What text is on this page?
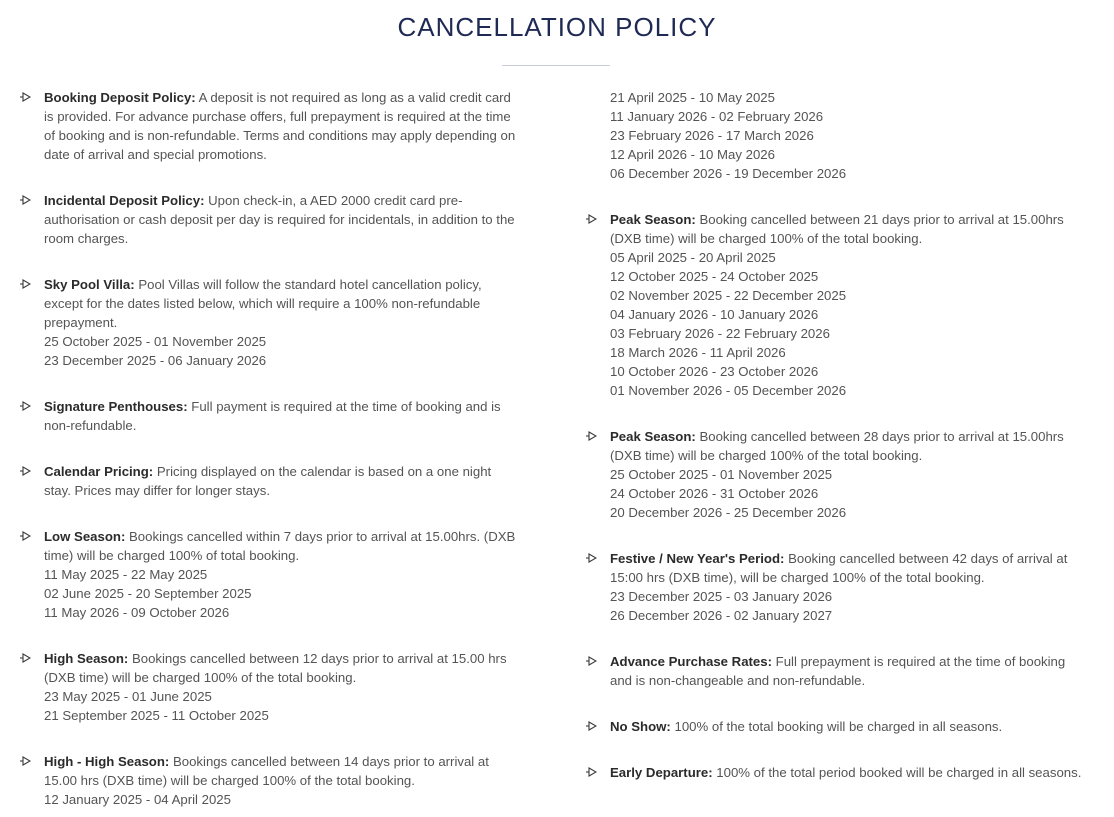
CANCELLATION POLICY
Booking Deposit Policy: A deposit is not required as long as a valid credit card is provided. For advance purchase offers, full prepayment is required at the time of booking and is non-refundable. Terms and conditions may apply depending on date of arrival and special promotions.
Incidental Deposit Policy: Upon check-in, a AED 2000 credit card pre-authorisation or cash deposit per day is required for incidentals, in addition to the room charges.
Sky Pool Villa: Pool Villas will follow the standard hotel cancellation policy, except for the dates listed below, which will require a 100% non-refundable prepayment.
25 October 2025 - 01 November 2025
23 December 2025 - 06 January 2026
Signature Penthouses: Full payment is required at the time of booking and is non-refundable.
Calendar Pricing: Pricing displayed on the calendar is based on a one night stay. Prices may differ for longer stays.
Low Season: Bookings cancelled within 7 days prior to arrival at 15.00hrs. (DXB time) will be charged 100% of total booking.
11 May 2025 - 22 May 2025
02 June 2025 - 20 September 2025
11 May 2026 - 09 October 2026
High Season: Bookings cancelled between 12 days prior to arrival at 15.00 hrs (DXB time) will be charged 100% of the total booking.
23 May 2025 - 01 June 2025
21 September 2025 - 11 October 2025
High - High Season: Bookings cancelled between 14 days prior to arrival at 15.00 hrs (DXB time) will be charged 100% of the total booking.
12 January 2025 - 04 April 2025
21 April 2025 - 10 May 2025
11 January 2026 - 02 February 2026
23 February 2026 - 17 March 2026
12 April 2026 - 10 May 2026
06 December 2026 - 19 December 2026
Peak Season: Booking cancelled between 21 days prior to arrival at 15.00hrs (DXB time) will be charged 100% of the total booking.
05 April 2025 - 20 April 2025
12 October 2025 - 24 October 2025
02 November 2025 - 22 December 2025
04 January 2026 - 10 January 2026
03 February 2026 - 22 February 2026
18 March 2026 - 11 April 2026
10 October 2026 - 23 October 2026
01 November 2026 - 05 December 2026
Peak Season: Booking cancelled between 28 days prior to arrival at 15.00hrs (DXB time) will be charged 100% of the total booking.
25 October 2025 - 01 November 2025
24 October 2026 - 31 October 2026
20 December 2026 - 25 December 2026
Festive / New Year's Period: Booking cancelled between 42 days of arrival at 15:00 hrs (DXB time), will be charged 100% of the total booking.
23 December 2025 - 03 January 2026
26 December 2026 - 02 January 2027
Advance Purchase Rates: Full prepayment is required at the time of booking and is non-changeable and non-refundable.
No Show: 100% of the total booking will be charged in all seasons.
Early Departure: 100% of the total period booked will be charged in all seasons.
